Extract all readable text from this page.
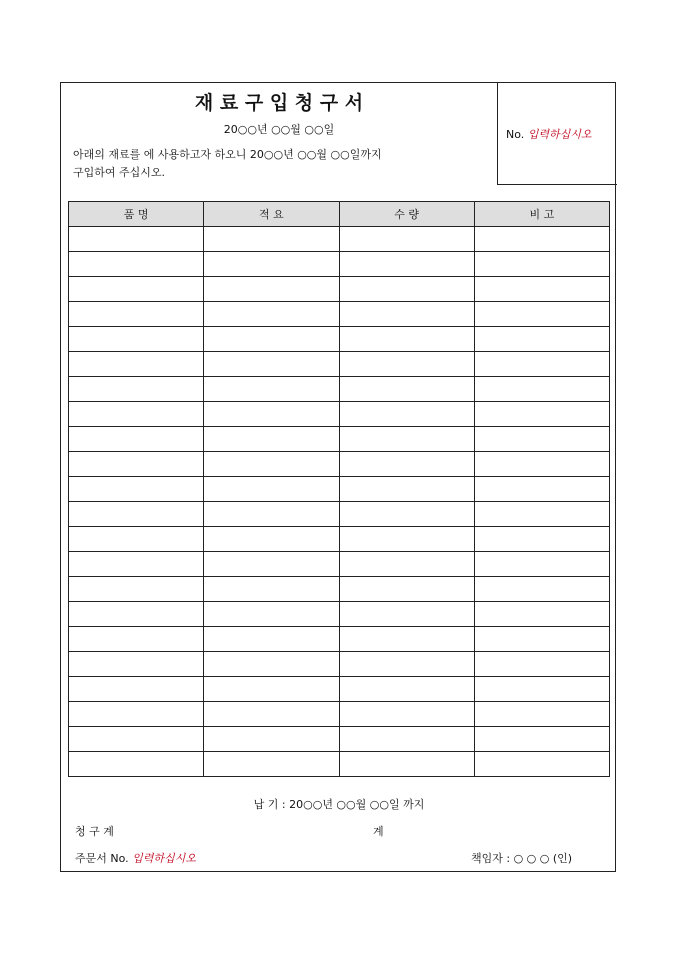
재 료 구 입 청 구 서
20○○년 ○○월 ○○일
아래의 재료를 에 사용하고자 하오니 20○○년 ○○월 ○○일까지
구입하여 주십시오.
No. 입력하십시오
품 명	적 요	수 량	비 고

납 기 : 20○○년 ○○월 ○○일 까지
청 구 계	계
주문서 No. 입력하십시오	책임자 : ○ ○ ○ (인)
